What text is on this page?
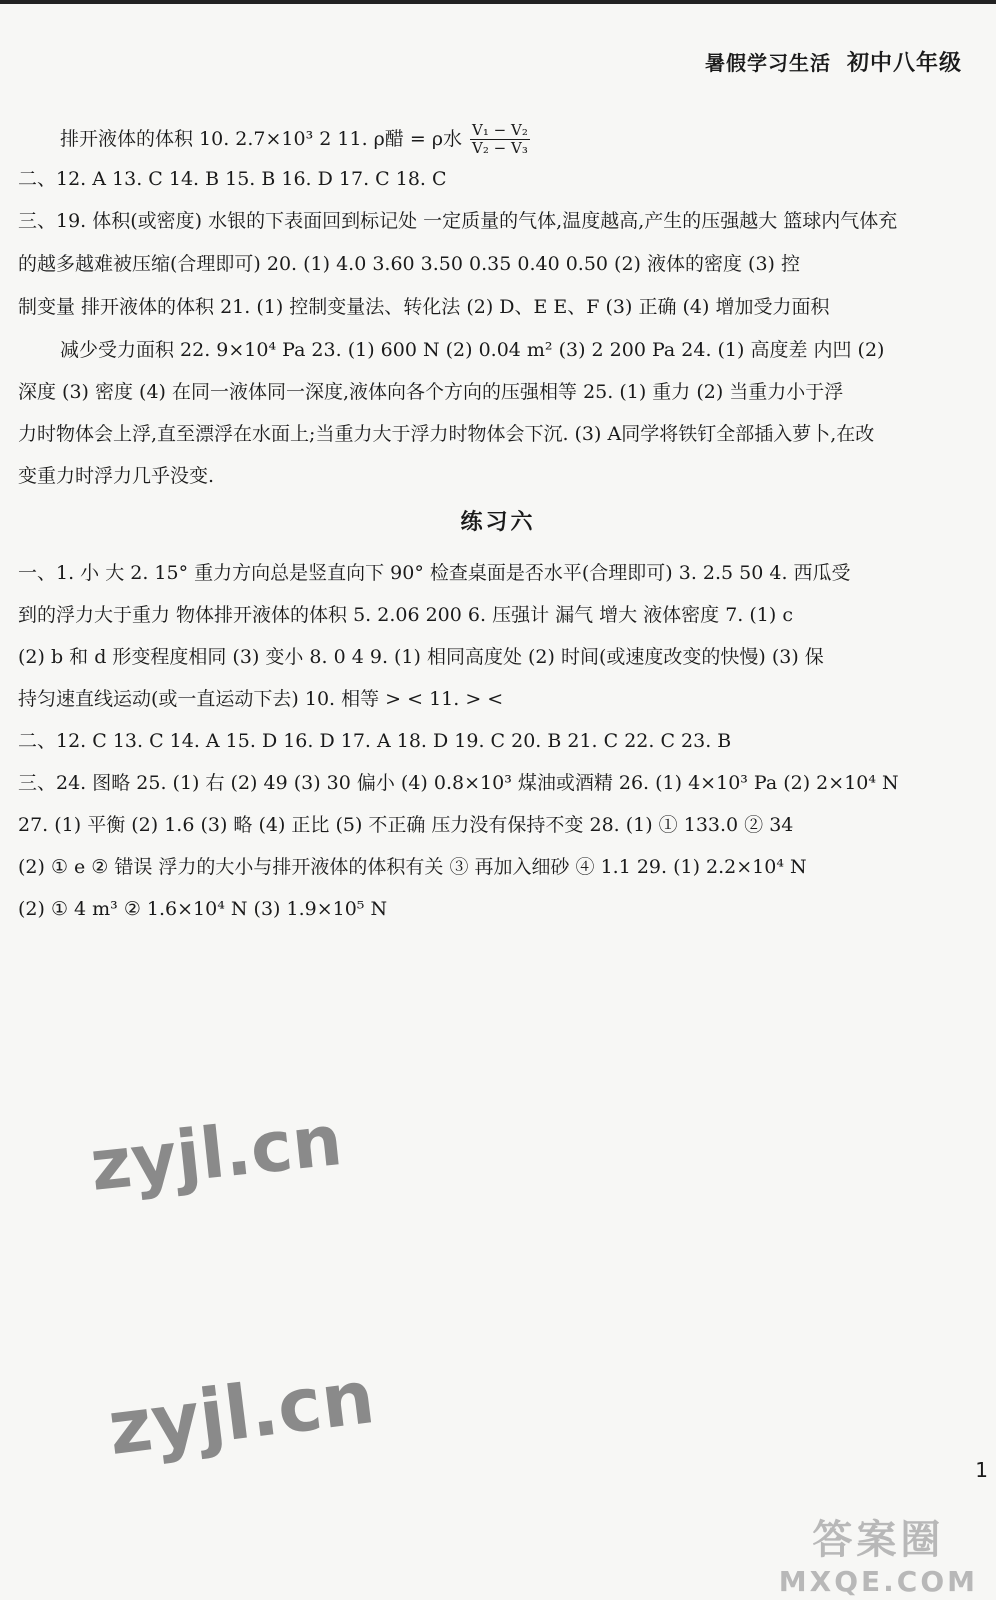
暑假学习生活 初中八年级
排开液体的体积 10. 2.7×10³ 2 11. ρ醋 = ρ水 $\frac{\text{V₁ − V₂}}{\text{V₂ − V₃}}$
二、12. A 13. C 14. B 15. B 16. D 17. C 18. C
三、19. 体积(或密度) 水银的下表面回到标记处 一定质量的气体,温度越高,产生的压强越大 篮球内气体充
的越多越难被压缩(合理即可) 20. (1) 4.0 3.60 3.50 0.35 0.40 0.50 (2) 液体的密度 (3) 控
制变量 排开液体的体积 21. (1) 控制变量法、转化法 (2) D、E E、F (3) 正确 (4) 增加受力面积
减少受力面积 22. 9×10⁴ Pa 23. (1) 600 N (2) 0.04 m² (3) 2 200 Pa 24. (1) 高度差 内凹 (2)
深度 (3) 密度 (4) 在同一液体同一深度,液体向各个方向的压强相等 25. (1) 重力 (2) 当重力小于浮
力时物体会上浮,直至漂浮在水面上;当重力大于浮力时物体会下沉. (3) A同学将铁钉全部插入萝卜,在改
变重力时浮力几乎没变.
练习六
一、1. 小 大 2. 15° 重力方向总是竖直向下 90° 检查桌面是否水平(合理即可) 3. 2.5 50 4. 西瓜受
到的浮力大于重力 物体排开液体的体积 5. 2.06 200 6. 压强计 漏气 增大 液体密度 7. (1) c
(2) b 和 d 形变程度相同 (3) 变小 8. 0 4 9. (1) 相同高度处 (2) 时间(或速度改变的快慢) (3) 保
持匀速直线运动(或一直运动下去) 10. 相等 > < 11. > <
二、12. C 13. C 14. A 15. D 16. D 17. A 18. D 19. C 20. B 21. C 22. C 23. B
三、24. 图略 25. (1) 右 (2) 49 (3) 30 偏小 (4) 0.8×10³ 煤油或酒精 26. (1) 4×10³ Pa (2) 2×10⁴ N
27. (1) 平衡 (2) 1.6 (3) 略 (4) 正比 (5) 不正确 压力没有保持不变 28. (1) ① 133.0 ② 34
(2) ① e ② 错误 浮力的大小与排开液体的体积有关 ③ 再加入细砂 ④ 1.1 29. (1) 2.2×10⁴ N
(2) ① 4 m³ ② 1.6×10⁴ N (3) 1.9×10⁵ N
zyjl.cn
zyjl.cn	1
答案圈
MXQE.COM
